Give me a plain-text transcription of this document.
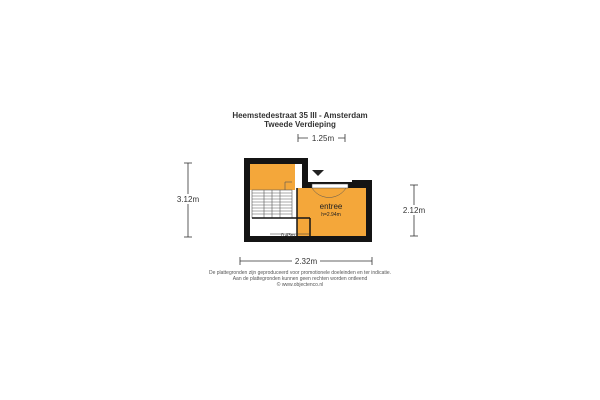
Heemstedestraat 35 III - Amsterdam
Tweede Verdieping
1.25m
entree
h=2.94m
0.43m
3.12m
2.12m
2.32m
De plattegronden zijn geproduceerd voor promotionele doeleinden en ter indicatie.
Aan de plattegronden kunnen geen rechten worden ontleend
© www.objectenco.nl
